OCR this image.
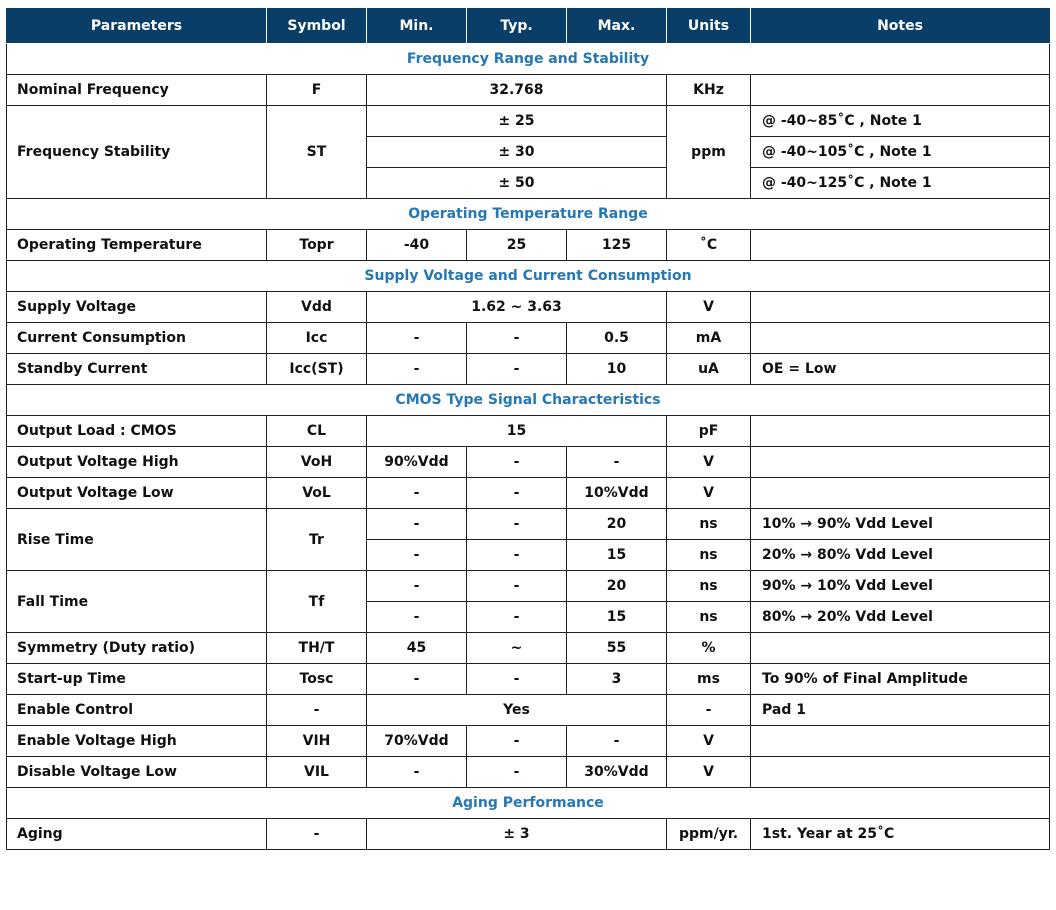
Parameters	Symbol	Min.	Typ.	Max.	Units	Notes
Frequency Range and Stability						
Nominal Frequency	F	32.768			KHz	
Frequency Stability	ST	± 25			ppm	@ -40~85˚C , Note 1
		± 30				@ -40~105˚C , Note 1
		± 50				@ -40~125˚C , Note 1
Operating Temperature Range						
Operating Temperature	Topr	-40	25	125	˚C	
Supply Voltage and Current Consumption						
Supply Voltage	Vdd	1.62 ~ 3.63			V	
Current Consumption	Icc	-	-	0.5	mA	
Standby Current	Icc(ST)	-	-	10	uA	OE = Low
CMOS Type Signal Characteristics						
Output Load : CMOS	CL	15			pF	
Output Voltage High	VoH	90%Vdd	-	-	V	
Output Voltage Low	VoL	-	-	10%Vdd	V	
Rise Time	Tr	-	-	20	ns	10% → 90% Vdd Level
		-	-	15	ns	20% → 80% Vdd Level
Fall Time	Tf	-	-	20	ns	90% → 10% Vdd Level
		-	-	15	ns	80% → 20% Vdd Level
Symmetry (Duty ratio)	TH/T	45	~	55	%	
Start-up Time	Tosc	-	-	3	ms	To 90% of Final Amplitude
Enable Control	-	Yes			-	Pad 1
Enable Voltage High	VIH	70%Vdd	-	-	V	
Disable Voltage Low	VIL	-	-	30%Vdd	V	
Aging Performance						
Aging	-	± 3			ppm/yr.	1st. Year at 25˚C
